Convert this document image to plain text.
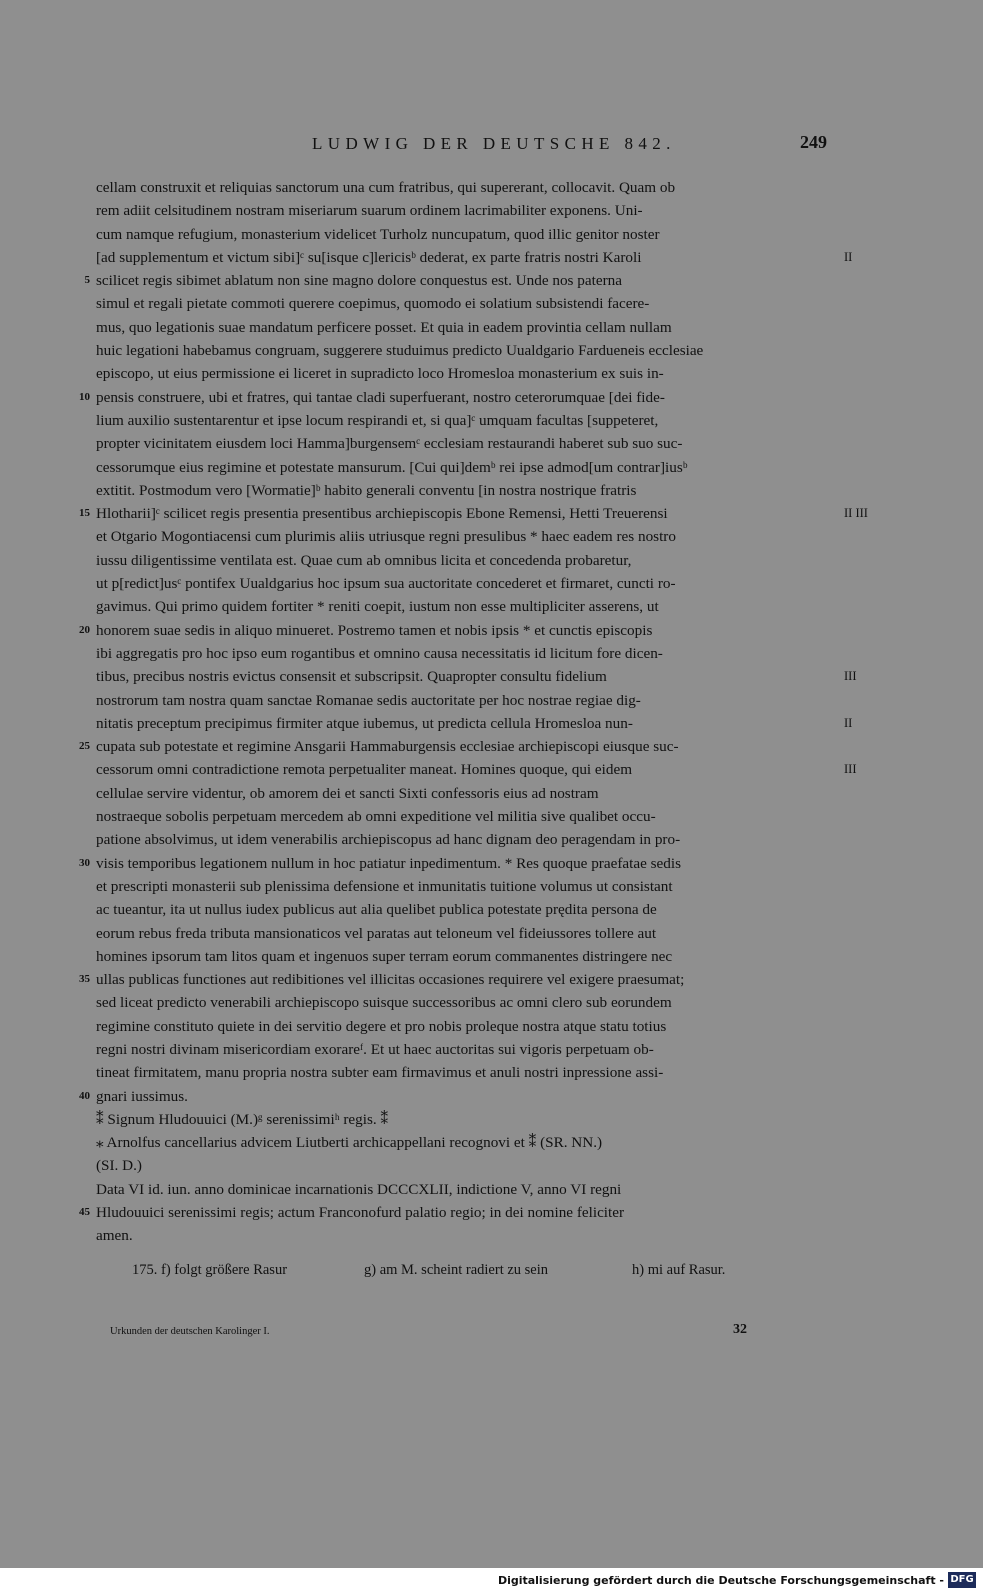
LUDWIG DER DEUTSCHE 842.	249
cellam construxit et reliquias sanctorum una cum fratribus, qui supererant, collocavit. Quam ob
rem adiit celsitudinem nostram miseriarum suarum ordinem lacrimabiliter exponens. Uni-
cum namque refugium, monasterium videlicet Turholz nuncupatum, quod illic genitor noster
[ad supplementum et victum sibi]ᶜ su[isque c]lericisᵇ dederat, ex parte fratris nostri Karoli	II
5 scilicet regis sibimet ablatum non sine magno dolore conquestus est. Unde nos paterna
simul et regali pietate commoti querere coepimus, quomodo ei solatium subsistendi facere-
mus, quo legationis suae mandatum perficere posset. Et quia in eadem provintia cellam nullam
huic legationi habebamus congruam, suggerere studuimus predicto Uualdgario Fardueneis ecclesiae
episcopo, ut eius permissione ei liceret in supradicto loco Hromesloa monasterium ex suis in-
10 pensis construere, ubi et fratres, qui tantae cladi superfuerant, nostro ceterorumquae [dei fide-
lium auxilio sustentarentur et ipse locum respirandi et, si qua]ᶜ umquam facultas [suppeteret,
propter vicinitatem eiusdem loci Hamma]burgensemᶜ ecclesiam restaurandi haberet sub suo suc-
cessorumque eius regimine et potestate mansurum. [Cui qui]demᵇ rei ipse admod[um contrar]iusᵇ
extitit. Postmodum vero [Wormatie]ᵇ habito generali conventu [in nostra nostrique fratris
15 Hlotharii]ᶜ scilicet regis presentia presentibus archiepiscopis Ebone Remensi, Hetti Treuerensi	II III
et Otgario Mogontiacensi cum plurimis aliis utriusque regni presulibus * haec eadem res nostro
iussu diligentissime ventilata est. Quae cum ab omnibus licita et concedenda probaretur,
ut p[redict]usᶜ pontifex Uualdgarius hoc ipsum sua auctoritate concederet et firmaret, cuncti ro-
gavimus. Qui primo quidem fortiter * reniti coepit, iustum non esse multipliciter asserens, ut
20 honorem suae sedis in aliquo minueret. Postremo tamen et nobis ipsis * et cunctis episcopis
ibi aggregatis pro hoc ipso eum rogantibus et omnino causa necessitatis id licitum fore dicen-
tibus, precibus nostris evictus consensit et subscripsit. Quapropter consultu fidelium	III
nostrorum tam nostra quam sanctae Romanae sedis auctoritate per hoc nostrae regiae dig-
nitatis preceptum precipimus firmiter atque iubemus, ut predicta cellula Hromesloa nun-	II
25 cupata sub potestate et regimine Ansgarii Hammaburgensis ecclesiae archiepiscopi eiusque suc-
cessorum omni contradictione remota perpetualiter maneat. Homines quoque, qui eidem	III
cellulae servire videntur, ob amorem dei et sancti Sixti confessoris eius ad nostram
nostraeque sobolis perpetuam mercedem ab omni expeditione vel militia sive qualibet occu-
patione absolvimus, ut idem venerabilis archiepiscopus ad hanc dignam deo peragendam in pro-
30 visis temporibus legationem nullum in hoc patiatur inpedimentum. * Res quoque praefatae sedis
et prescripti monasterii sub plenissima defensione et inmunitatis tuitione volumus ut consistant
ac tueantur, ita ut nullus iudex publicus aut alia quelibet publica potestate prędita persona de
eorum rebus freda tributa mansionaticos vel paratas aut teloneum vel fideiussores tollere aut
homines ipsorum tam litos quam et ingenuos super terram eorum commanentes distringere nec
35 ullas publicas functiones aut redibitiones vel illicitas occasiones requirere vel exigere praesumat;
sed liceat predicto venerabili archiepiscopo suisque successoribus ac omni clero sub eorundem
regimine constituto quiete in dei servitio degere et pro nobis proleque nostra atque statu totius
regni nostri divinam misericordiam exorareᶠ. Et ut haec auctoritas sui vigoris perpetuam ob-
tineat firmitatem, manu propria nostra subter eam firmavimus et anuli nostri inpressione assi-
40 gnari iussimus.
⁑ Signum Hludouuici (M.)ᵍ serenissimiʰ regis. ⁑
⁎ Arnolfus cancellarius advicem Liutberti archicappellani recognovi et ⁑ (SR. NN.)
(SI. D.)
Data VI id. iun. anno dominicae incarnationis DCCCXLII, indictione V, anno VI regni
45 Hludouuici serenissimi regis; actum Franconofurd palatio regio; in dei nomine feliciter
amen.
175. f) folgt größere Rasur	g) am M. scheint radiert zu sein	h) mi auf Rasur.
Urkunden der deutschen Karolinger I.	32
Digitalisierung gefördert durch die Deutsche Forschungsgemeinschaft - DFG
